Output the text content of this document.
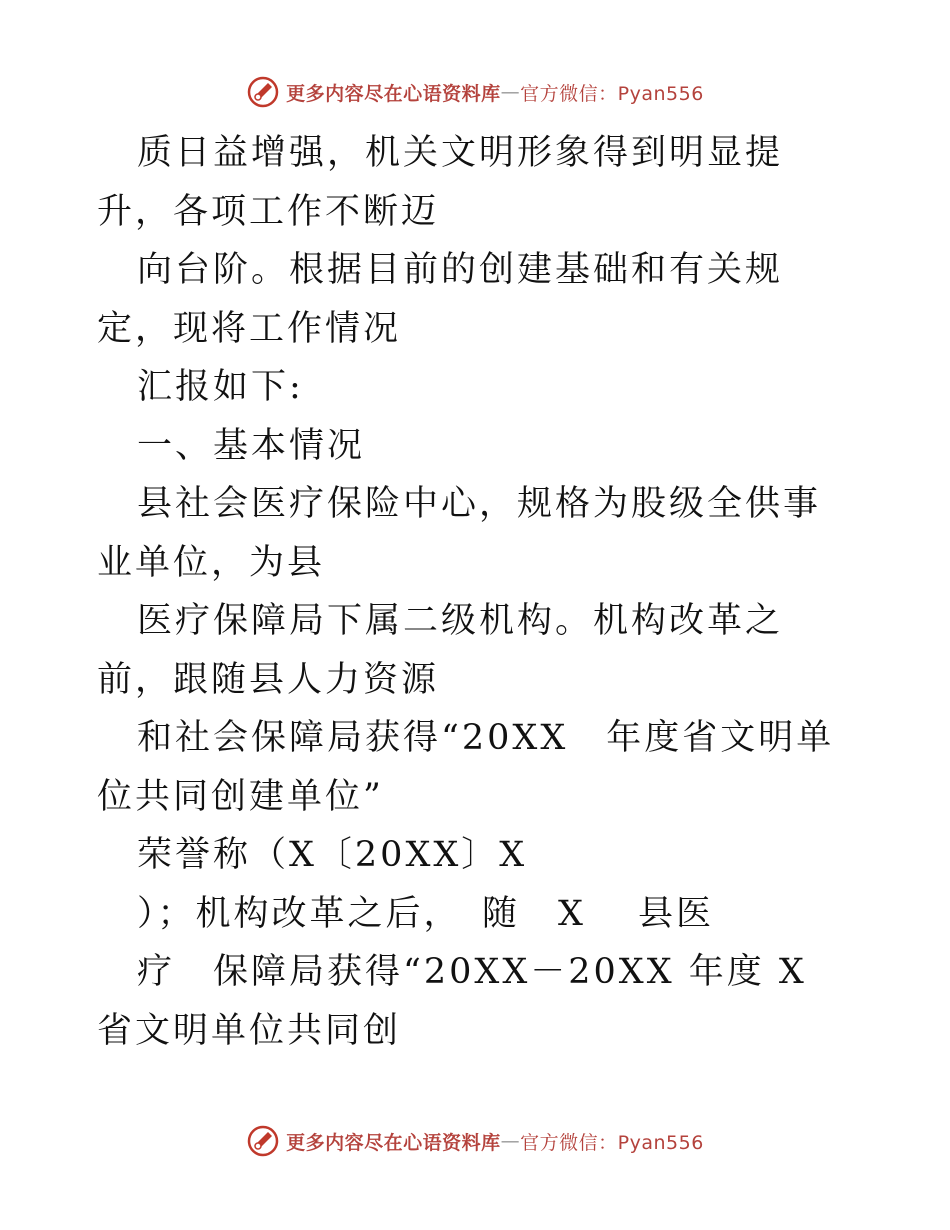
更多内容尽在心语资料库 — 官方微信：Pyan556

质日益增强，机关文明形象得到明显提升，各项工作不断迈

向台阶。根据目前的创建基础和有关规定，现将工作情况

汇报如下:

一、基本情况

县社会医疗保险中心，规格为股级全供事业单位，为县

医疗保障局下属二级机构。机构改革之前，跟随县人力资源

和社会保障局获得“20XX　年度省文明单位共同创建单位”

荣誉称（X〔20XX〕X

）；机构改革之后，　随　X　 县医

疗　保障局获得“20XX－20XX 年度 X 省文明单位共同创

更多内容尽在心语资料库 — 官方微信：Pyan556
